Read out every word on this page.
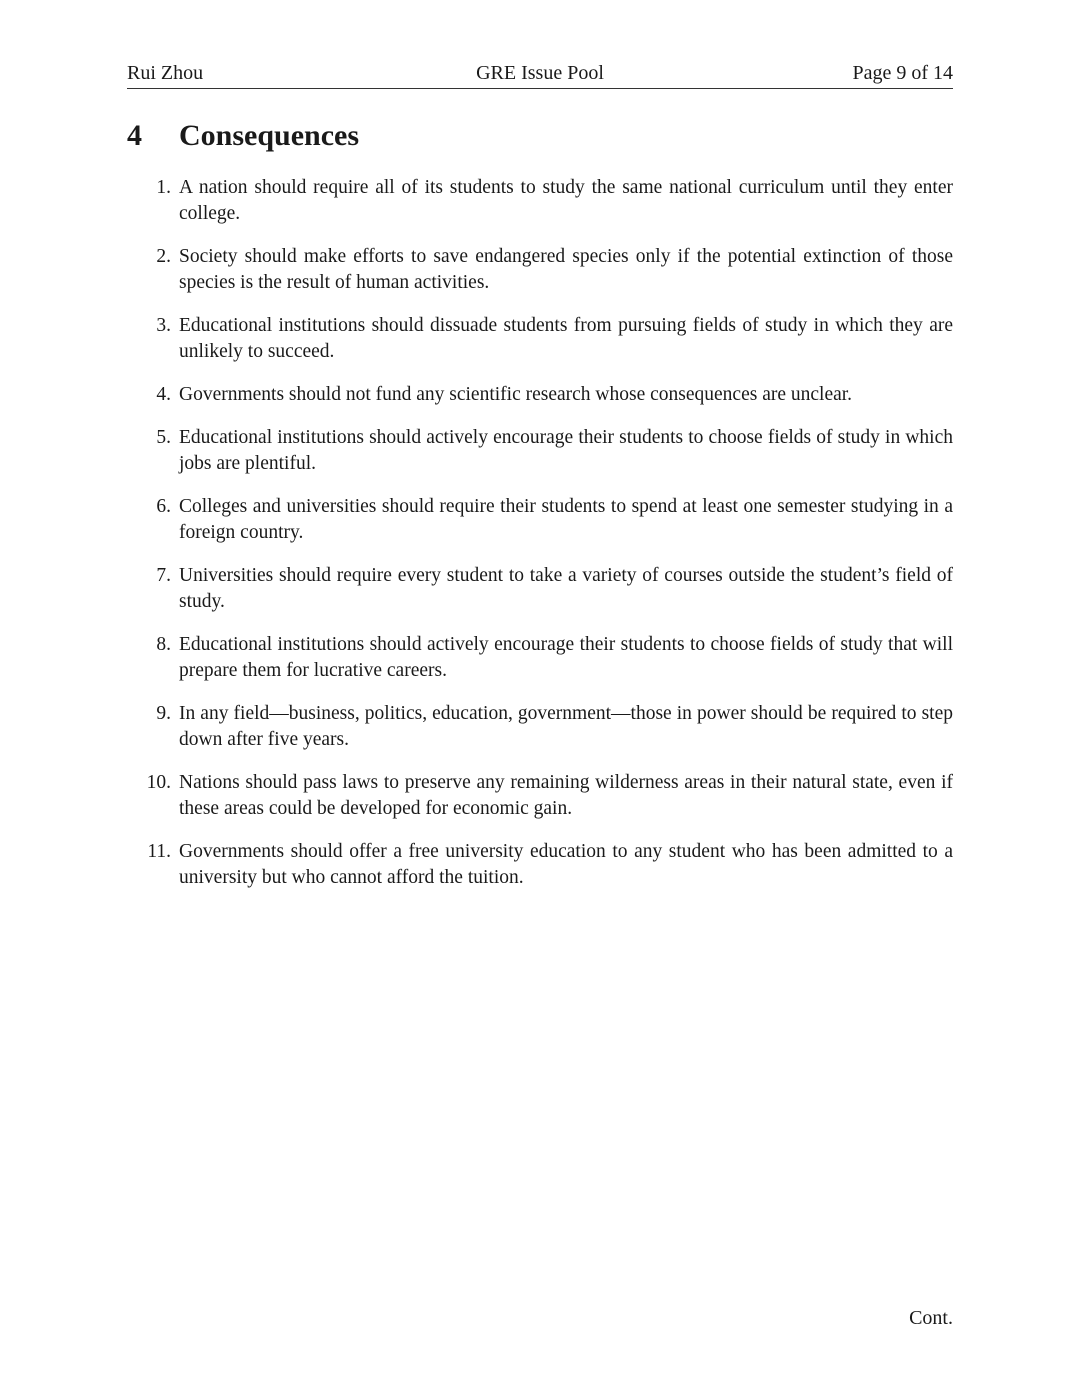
Rui Zhou	GRE Issue Pool	Page 9 of 14
4	Consequences
1. A nation should require all of its students to study the same national curriculum until they enter college.
2. Society should make efforts to save endangered species only if the potential extinction of those species is the result of human activities.
3. Educational institutions should dissuade students from pursuing fields of study in which they are unlikely to succeed.
4. Governments should not fund any scientific research whose consequences are unclear.
5. Educational institutions should actively encourage their students to choose fields of study in which jobs are plentiful.
6. Colleges and universities should require their students to spend at least one semester studying in a foreign country.
7. Universities should require every student to take a variety of courses outside the student’s field of study.
8. Educational institutions should actively encourage their students to choose fields of study that will prepare them for lucrative careers.
9. In any field—business, politics, education, government—those in power should be required to step down after five years.
10. Nations should pass laws to preserve any remaining wilderness areas in their natural state, even if these areas could be developed for economic gain.
11. Governments should offer a free university education to any student who has been admitted to a university but who cannot afford the tuition.
Cont.
